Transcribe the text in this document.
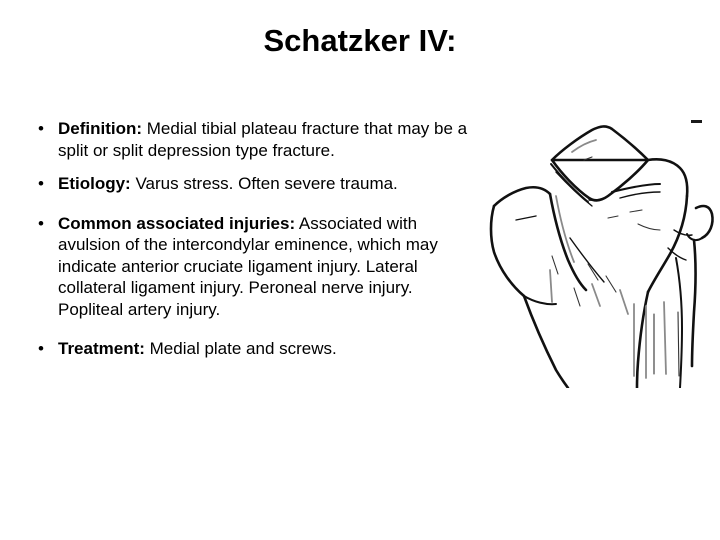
Schatzker IV:
• Definition: Medial tibial plateau fracture that may be a split or split depression type fracture.
• Etiology: Varus stress. Often severe trauma.
• Common associated injuries: Associated with avulsion of the intercondylar eminence, which may indicate anterior cruciate ligament injury. Lateral collateral ligament injury. Peroneal nerve injury. Popliteal artery injury.
• Treatment: Medial plate and screws.
